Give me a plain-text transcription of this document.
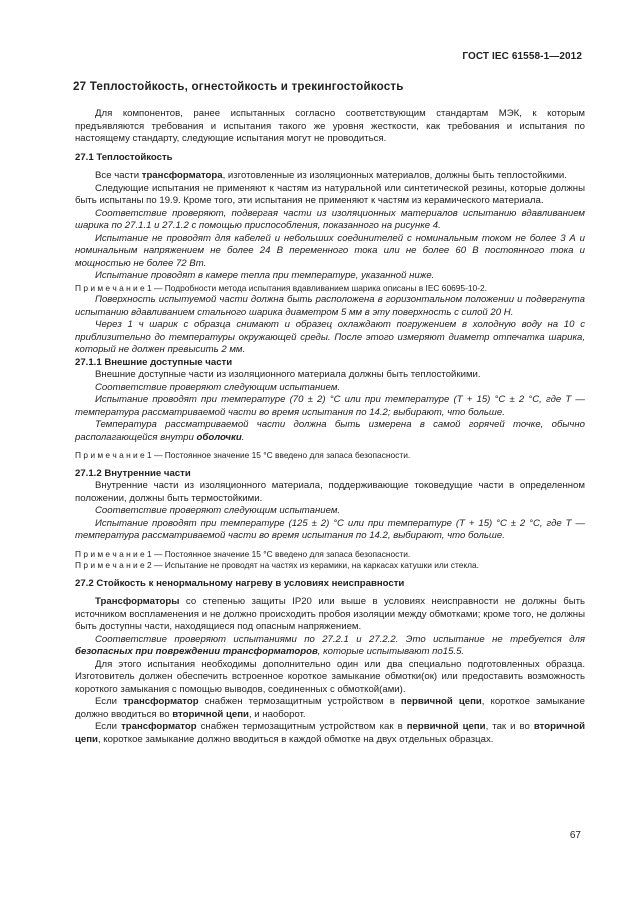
ГОСТ IEC 61558-1—2012
27 Теплостойкость, огнестойкость и трекингостойкость

Для компонентов, ранее испытанных согласно соответствующим стандартам МЭК, к которым предъявляются требования и испытания такого же уровня жесткости, как требования и испытания по настоящему стандарту, следующие испытания могут не проводиться.

27.1 Теплостойкость

Все части трансформатора, изготовленные из изоляционных материалов, должны быть теплостойкими.

Следующие испытания не применяют к частям из натуральной или синтетической резины, которые должны быть испытаны по 19.9. Кроме того, эти испытания не применяют к частям из керамического материала.

Соответствие проверяют, подвергая части из изоляционных материалов испытанию вдавливанием шарика по 27.1.1 и 27.1.2 с помощью приспособления, показанного на рисунке 4.

Испытание не проводят для кабелей и небольших соединителей с номинальным током не более 3 А и номинальным напряжением не более 24 В переменного тока или не более 60 В постоянного тока и мощностью не более 72 Вт.

Испытание проводят в камере тепла при температуре, указанной ниже.

П р и м е ч а н и е 1 — Подробности метода испытания вдавливанием шарика описаны в IEC 60695-10-2.

Поверхность испытуемой части должна быть расположена в горизонтальном положении и подвергнута испытанию вдавливанием стального шарика диаметром 5 мм в эту поверхность с силой 20 Н.

Через 1 ч шарик с образца снимают и образец охлаждают погружением в холодную воду на 10 с приблизительно до температуры окружающей среды. После этого измеряют диаметр отпечатка шарика, который не должен превысить 2 мм.

27.1.1 Внешние доступные части

Внешние доступные части из изоляционного материала должны быть теплостойкими.

Соответствие проверяют следующим испытанием.

Испытание проводят при температуре (70 ± 2) °С или при температуре (T + 15) °C ± 2 °C, где Т — температура рассматриваемой части во время испытания по 14.2; выбирают, что больше.

Температура рассматриваемой части должна быть измерена в самой горячей точке, обычно располагающейся внутри оболочки.

П р и м е ч а н и е 1 — Постоянное значение 15 °С введено для запаса безопасности.

27.1.2 Внутренние части

Внутренние части из изоляционного материала, поддерживающие токоведущие части в определенном положении, должны быть термостойкими.

Соответствие проверяют следующим испытанием.

Испытание проводят при температуре (125 ± 2) °С или при температуре (T + 15) °C ± 2 °C, где Т — температура рассматриваемой части во время испытания по 14.2, выбирают, что больше.

П р и м е ч а н и е 1 — Постоянное значение 15 °С введено для запаса безопасности.

П р и м е ч а н и е 2 — Испытание не проводят на частях из керамики, на каркасах катушки или стекла.

27.2 Стойкость к ненормальному нагреву в условиях неисправности

Трансформаторы со степенью защиты IP20 или выше в условиях неисправности не должны быть источником воспламенения и не должно происходить пробоя изоляции между обмотками; кроме того, не должны быть доступны части, находящиеся под опасным напряжением.

Соответствие проверяют испытаниями по 27.2.1 и 27.2.2. Это испытание не требуется для безопасных при повреждении трансформаторов, которые испытывают по15.5.

Для этого испытания необходимы дополнительно один или два специально подготовленных образца. Изготовитель должен обеспечить встроенное короткое замыкание обмотки(ок) или предоставить возможность короткого замыкания с помощью выводов, соединенных с обмоткой(ами).

Если трансформатор снабжен термозащитным устройством в первичной цепи, короткое замыкание должно вводиться во вторичной цепи, и наоборот.

Если трансформатор снабжен термозащитным устройством как в первичной цепи, так и во вторичной цепи, короткое замыкание должно вводиться в каждой обмотке на двух отдельных образцах.

67
